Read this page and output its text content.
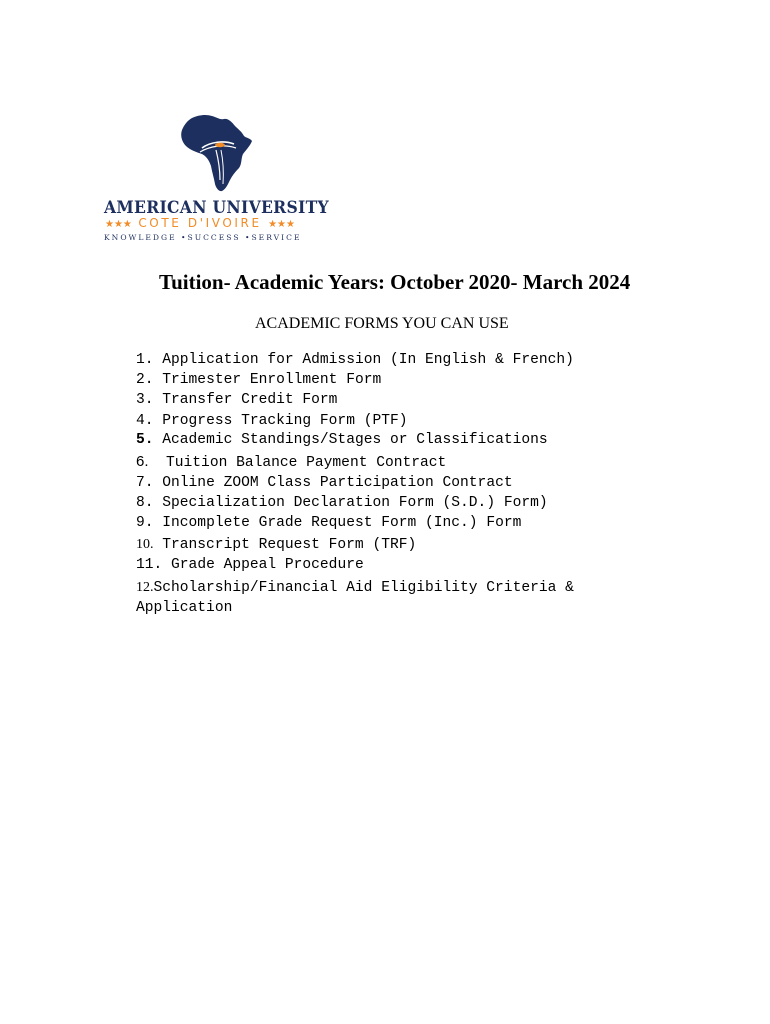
AMERICAN UNIVERSITY
★★★ COTE D'IVOIRE ★★★
KNOWLEDGE •SUCCESS •SERVICE
Tuition- Academic Years: October 2020- March 2024
ACADEMIC FORMS YOU CAN USE
1. Application for Admission (In English & French)
2. Trimester Enrollment Form
3. Transfer Credit Form
4. Progress Tracking Form (PTF)
5. Academic Standings/Stages or Classifications
6. Tuition Balance Payment Contract
7. Online ZOOM Class Participation Contract
8. Specialization Declaration Form (S.D.) Form)
9. Incomplete Grade Request Form (Inc.) Form
10. Transcript Request Form (TRF)
11. Grade Appeal Procedure
12.Scholarship/Financial Aid Eligibility Criteria & Application
